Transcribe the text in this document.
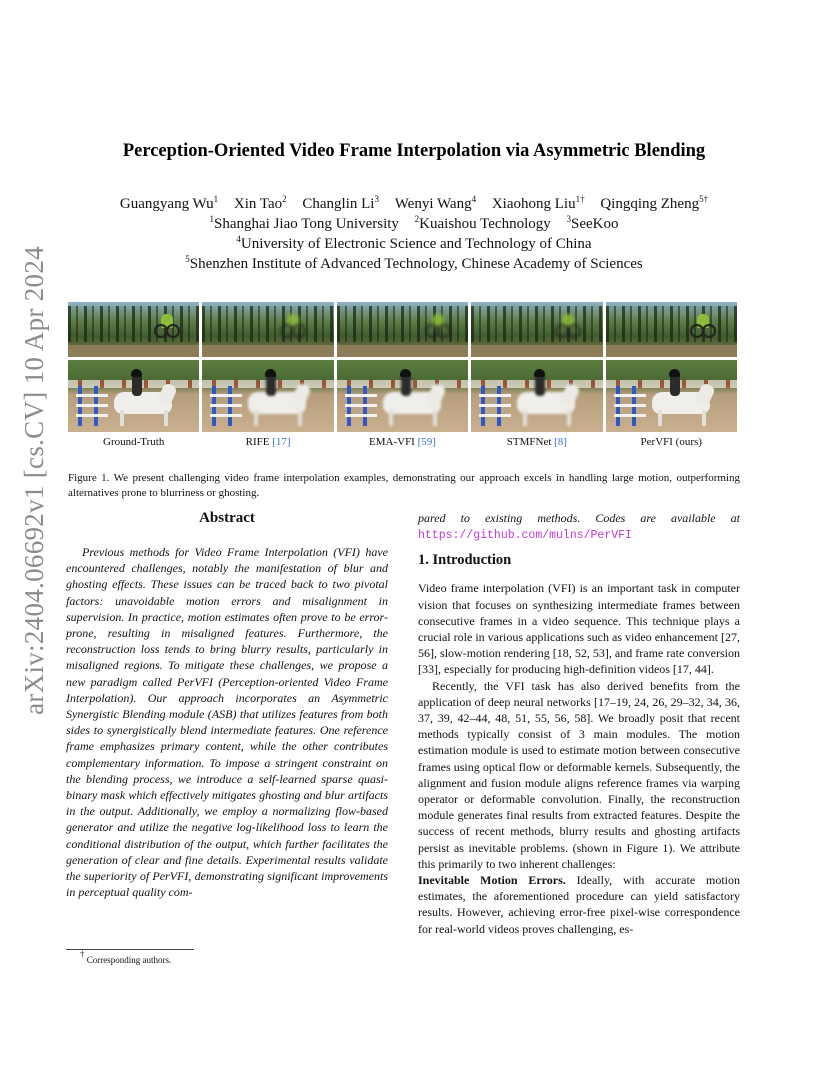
arXiv:2404.06692v1 [cs.CV] 10 Apr 2024
Perception-Oriented Video Frame Interpolation via Asymmetric Blending
Guangyang Wu$^1$ Xin Tao$^2$ Changlin Li$^3$ Wenyi Wang$^4$ Xiaohong Liu$^{1\dagger}$ Qingqing Zheng$^{5\dagger}$
$^1$Shanghai Jiao Tong University $^2$Kuaishou Technology $^3$SeeKoo
$^4$University of Electronic Science and Technology of China
$^5$Shenzhen Institute of Advanced Technology, Chinese Academy of Sciences
Ground-Truth	RIFE [17]	EMA-VFI [59]	STMFNet [8]	PerVFI (ours)

Figure 1. We present challenging video frame interpolation examples, demonstrating our approach excels in handling large motion, outperforming alternatives prone to blurriness or ghosting.

Abstract

Previous methods for Video Frame Interpolation (VFI) have encountered challenges, notably the manifestation of blur and ghosting effects. These issues can be traced back to two pivotal factors: unavoidable motion errors and misalignment in supervision. In practice, motion estimates often prove to be error-prone, resulting in misaligned features. Furthermore, the reconstruction loss tends to bring blurry results, particularly in misaligned regions. To mitigate these challenges, we propose a new paradigm called PerVFI (Perception-oriented Video Frame Interpolation). Our approach incorporates an Asymmetric Synergistic Blending module (ASB) that utilizes features from both sides to synergistically blend intermediate features. One reference frame emphasizes primary content, while the other contributes complementary information. To impose a stringent constraint on the blending process, we introduce a self-learned sparse quasi-binary mask which effectively mitigates ghosting and blur artifacts in the output. Additionally, we employ a normalizing flow-based generator and utilize the negative log-likelihood loss to learn the conditional distribution of the output, which further facilitates the generation of clear and fine details. Experimental results validate the superiority of PerVFI, demonstrating significant improvements in perceptual quality com-

† Corresponding authors.

pared to existing methods. Codes are available at https://github.com/mulns/PerVFI

1. Introduction

Video frame interpolation (VFI) is an important task in computer vision that focuses on synthesizing intermediate frames between consecutive frames in a video sequence. This technique plays a crucial role in various applications such as video enhancement [27, 56], slow-motion rendering [18, 52, 53], and frame rate conversion [33], especially for producing high-definition videos [17, 44].

Recently, the VFI task has also derived benefits from the application of deep neural networks [17–19, 24, 26, 29–32, 34, 36, 37, 39, 42–44, 48, 51, 55, 56, 58]. We broadly posit that recent methods typically consist of 3 main modules. The motion estimation module is used to estimate motion between consecutive frames using optical flow or deformable kernels. Subsequently, the alignment and fusion module aligns reference frames via warping operator or deformable convolution. Finally, the reconstruction module generates final results from extracted features. Despite the success of recent methods, blurry results and ghosting artifacts persist as inevitable problems. (shown in Figure 1). We attribute this primarily to two inherent challenges:

Inevitable Motion Errors. Ideally, with accurate motion estimates, the aforementioned procedure can yield satisfactory results. However, achieving error-free pixel-wise correspondence for real-world videos proves challenging, es-
